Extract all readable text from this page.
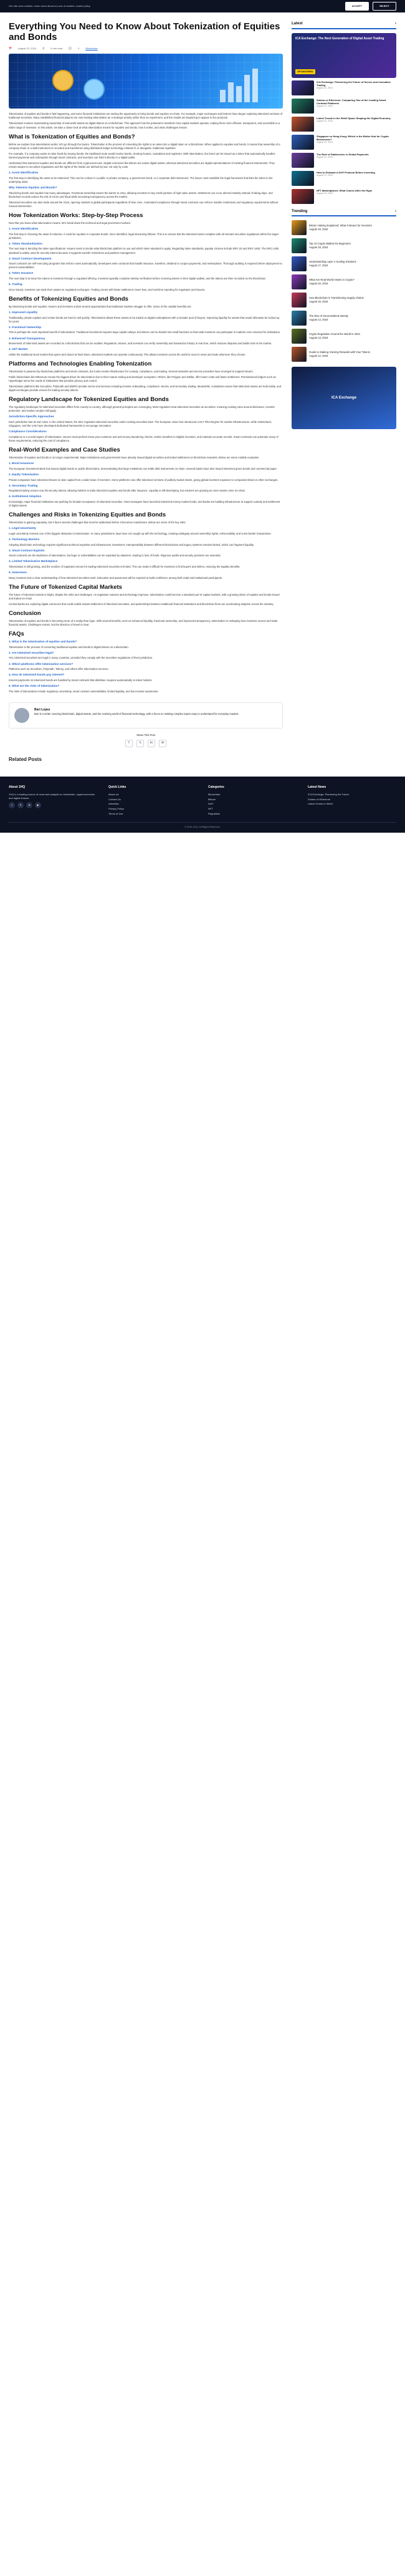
Our site uses cookies. Learn more about our use of cookies: cookie policy	ACCEPT	REJECT
Everything You Need to Know About Tokenization of Equities and Bonds
📅	August 23, 2024	⏱	6 min read	💬	0	Blockchain

Tokenization of equities and bonds is fast happening, and some financial institutions are seizing the opportunity to bring bonds and equities on-chain. For example, major exchanges and brokers have begun exploring tokenized versions of traditional securities. Many established financial players are now treating tokenization as a strategic priority rather than an experiment, and the results are beginning to appear in live products.

Tokenization involves representing ownership of real-world assets as digital tokens on a blockchain. This approach has the potential to transform how capital markets operate, making them more efficient, transparent, and accessible to a wider range of investors. In this article, we take a closer look at what tokenization means for equities and bonds, how it works, and what challenges remain.

What is Tokenization of Equities and Bonds?

Before we explore how tokenization works, let's go through the basics. Tokenization is the process of converting the rights to an asset into a digital token on a blockchain. When applied to equities and bonds, it means that ownership of a company share or a debt instrument is recorded and transferred using distributed ledger technology instead of, or alongside, traditional registries.

For example, if a company wants to raise funds by issuing bonds, the traditional route would involve banks, clearing houses, custodians and registrars. With tokenization, the bond can be issued as a token that automatically handles interest payments and redemption through smart contracts, and investors can hold it directly in a digital wallet.

Understand that tokenized equities and bonds are different from cryptocurrencies. Digital currencies like Bitcoin are native digital assets, whereas tokenized securities are digital representations of existing financial instruments. They remain subject to securities regulations and the rights of the holder are defined by law, not only by code.

1. Asset Identification

The first step is identifying the asset to be tokenized. This can be a share in a public or private company, a government bond, or a corporate debt instrument. The issuer must establish the legal framework that links the token to the underlying asset.

Why Tokenize Equities and Bonds?

Tokenizing bonds and equities has many advantages. Fractional ownership lowers the barrier to entry, allowing investors to buy small portions of high-value assets. Settlement can occur almost instantly instead of taking days, and blockchain records reduce the risk of errors and fraud while increasing transparency across the market.

Tokenized securities can also trade around the clock, opening markets to global participants regardless of time zone. Automated compliance through smart contracts can enforce transfer restrictions and regulatory requirements without manual intervention.

How Tokenization Works: Step-by-Step Process

Now that you know what tokenization means, let's break down the technical and legal processes involved.

1. Asset Identification

The first step is choosing the asset to tokenize. It could be equities or corporate bonds. Once identified, legal structuring follows. This is to ensure that the tokenized asset complies with all relevant securities regulations within the target jurisdiction.

2. Token Standardization

The next step is deciding the token specifications. Issuers need to decide what blockchain platform to use and which token standard to apply. Regarding token standards, popular choices include ERC-20 and ERC-1400. The ERC-1400 standard is widely used for security tokens because it supports transfer restrictions and partition management.

3. Smart Contract Development

Smart contracts are self-executing programs that enforce rules automatically. Developers write contracts that handle issuance, transfers, dividend or coupon payments, and redemptions. Thorough auditing is required before deployment to prevent vulnerabilities.

4. Token Issuance

The next step is to issue the tokens to investors through a regulated offering. Investors typically complete identity verification before receiving tokens in their digital wallets, and the tokens are then recorded on the blockchain.

5. Trading

Once issued, investors can trade their assets on regulated exchanges. Trading comes with faster settlement, lower fees, and real-time reporting for regulators and issuers.

Benefits of Tokenizing Equities and Bonds

By tokenizing bonds and equities, issuers and investors unlock several opportunities that traditional markets struggle to offer. Some of the notable benefits are:

1. Improved Liquidity

Traditionally, private equities and certain bonds are hard to sell quickly. Tokenization allows these assets to be traded on digital marketplaces with a broader pool of buyers, improving liquidity for assets that would otherwise be locked up for years.

2. Fractional Ownership

This is perhaps the most important benefit of tokenization. Traditional investment requires large capital outlays, but tokens can be divided into small fractions so that retail investors can participate in markets once reserved for institutions.

3. Enhanced Transparency

Movements of tokenized assets are recorded on a blockchain that can be audited. Regulators, issuers, and investors can verify ownership and transaction history in real time, which reduces disputes and builds trust in the market.

4. 24/7 Market

Unlike the traditional stock market that opens and closes at fixed times, tokenized markets can operate continuously. This allows investors across the world to react to news and trade whenever they choose.

Platforms and Technologies Enabling Tokenization

Tokenization is powered by blockchain platforms and smart contracts, but it also needs infrastructure for custody, compliance, and trading. Several networks and service providers have emerged to support issuers.

Public blockchains like Ethereum remain the biggest driver for tokenization due to their mature tooling and developer ecosystem. Others, like Polygon and Stellar, offer lower costs and faster settlement. Permissioned ledgers such as Hyperledger serve the needs of institutions that prioritize privacy and control.

Tokenization platforms like Securitize, Polymath and tZERO provide end-to-end services including investor onboarding, compliance checks, and secondary trading. Meanwhile, custodians ensure that tokenized assets are held safely, and digital exchanges provide venues for trading security tokens.

Regulatory Landscape for Tokenized Equities and Bonds

The regulatory landscape for tokenized securities differs from country to country, although general principles are converging. Most regulators treat tokenized securities as securities, meaning existing rules around disclosure, investor protection, and market conduct still apply.

Jurisdiction-Specific Approaches

Each jurisdiction has its own rules. In the United States, the SEC regulates tokenized securities under existing securities laws. The European Union has introduced a DLT Pilot Regime for market infrastructures, while Switzerland, Singapore, and the UAE have developed dedicated frameworks to encourage innovation.

Compliance Considerations

Compliance is a crucial aspect of tokenization. Issuers must perform know-your-customer and anti-money-laundering checks, restrict transfers to eligible investors, and maintain accurate records. Smart contracts can automate many of these requirements, reducing the cost of compliance.

Real-World Examples and Case Studies

Tokenization of equities and bonds is no longer experimental. Major institutions and governments have already issued digital securities and tested settlement on blockchain networks. Below are some notable examples.

1. Bond Issuances

The European Investment Bank has issued digital bonds on public blockchains, demonstrating that large institutions can settle debt instruments on-chain. Several banks have also issued tokenized green bonds and commercial paper.

2. Equity Tokenization

Private companies have tokenized shares to raise capital from a wider base of investors. Some platforms now offer tokenized versions of publicly traded stocks, giving global investors exposure to companies listed on other exchanges.

3. Secondary Trading

Regulated trading venues now list security tokens, allowing holders to trade tokenized equities and bonds after issuance. Liquidity is still developing, but volumes are growing as more assets come on-chain.

4. Institutional Adoption

Increasingly, major financial institutions are pushing for broader acceptance of tokenized securities. Asset managers have launched tokenized money-market funds, and banks are building infrastructure to support custody and settlement of digital assets.

Challenges and Risks in Tokenizing Equities and Bonds

Tokenization is gaining popularity, but it faces several challenges that must be addressed before it becomes mainstream. Below are some of the key risks.

1. Legal Uncertainty

Legal uncertainty remains one of the biggest obstacles to tokenization. In many jurisdictions, laws have not caught up with the technology, creating ambiguity around ownership rights, enforceability, and cross-border transactions.

2. Technology Barriers

Adopting blockchain technology requires significant technical expertise and infrastructure investment. Interoperability between different blockchains and legacy systems remains limited, which can fragment liquidity.

3. Smart Contract Exploits

Smart contracts are the backbone of tokenization, but bugs or vulnerabilities can be exploited by attackers, leading to loss of funds. Rigorous audits and security practices are essential.

4. Limited Tokenization Marketplace

Tokenization is still growing, and the number of regulated venues for trading tokenized securities is limited. This can make it difficult for investors to find buyers and sellers, reducing the liquidity benefits.

5. Awareness

Many investors lack a clear understanding of how tokenized securities work. Education and awareness will be required to build confidence among both retail and institutional participants.

The Future of Tokenized Capital Markets

The future of tokenized assets is bright, despite the risks and challenges. As regulation matures and technology improves, tokenization could become a standard part of capital markets, with a growing share of equities and bonds issued and traded on-chain.

Central banks are exploring digital currencies that could enable instant settlement of tokenized securities, and partnerships between traditional financial institutions and blockchain firms are accelerating adoption across the industry.

Conclusion

Tokenization of equities and bonds is becoming more of a reality than hype. With several benefits, such as enhanced liquidity, fractional ownership, and improved transparency, tokenization is reshaping how investors access and trade financial assets. Challenges remain, but the direction of travel is clear.

FAQs
1. What is the tokenization of equities and bonds?

Tokenization is the process of converting traditional equities and bonds to digital tokens on a blockchain.

2. Are tokenized securities legal?

Yes, tokenized securities are legal in many countries, provided they comply with the securities regulations of their jurisdiction.

3. Which platforms offer tokenization services?

Platforms such as Securitize, Polymath, Tokeny, and others offer tokenization services.

4. How do tokenized bonds pay interest?

Interest payments on tokenized bonds are handled by smart contracts that distribute coupons automatically to token holders.

5. What are the risks of tokenization?

The risks of tokenization include regulatory uncertainty, smart contract vulnerabilities, limited liquidity, and low investor awareness.

Bari Lopez
Bari is a writer covering blockchain, digital assets, and the evolving world of financial technology, with a focus on making complex topics easy to understand for everyday readers.
Share This Post
f	𝕏	in	✉
Related Posts
Latest	›
ICA Exchange: The Next Generation of Digital Asset Trading
SPONSORED
ICA Exchange: Pioneering the Future of Secure and Innovative Trading
August 23, 2024
Solana vs Ethereum: Comparing Two of the Leading Smart Contract Platforms
August 23, 2024
Latest Trends in the Web3 Space Shaping the Digital Economy
August 22, 2024
Singapore vs Hong Kong: Which is the Better Hub for Crypto Businesses?
August 22, 2024
The Role of Stablecoins in Global Payments
August 21, 2024
How to Evaluate a DeFi Protocol Before Investing
August 21, 2024
NFT Marketplaces: What Comes After the Hype
August 20, 2024
Trending	›
Bitcoin Halving Explained: What It Means for Investors
August 19, 2024
Top 10 Crypto Wallets for Beginners
August 18, 2024
Understanding Layer 2 Scaling Solutions
August 17, 2024
What Are Real World Assets in Crypto?
August 16, 2024
How Blockchain is Transforming Supply Chains
August 15, 2024
The Rise of Decentralized Identity
August 14, 2024
Crypto Regulation Around the World in 2024
August 13, 2024
Guide to Staking: Earning Rewards with Your Tokens
August 12, 2024
ICA Exchange
About 1HQ
1HQ is a leading source of news and analysis on blockchain, cryptocurrencies and digital finance.
f	𝕏	➤	▶
Quick Links
About Us
Contact Us
Advertise
Privacy Policy
Terms of Use
Categories
Blockchain
Bitcoin
DeFi
NFT
Regulation
Latest News
ICA Exchange: Pioneering the Future
Solana vs Ethereum
Latest Trends in Web3
© 2024 1HQ. All Rights Reserved.
